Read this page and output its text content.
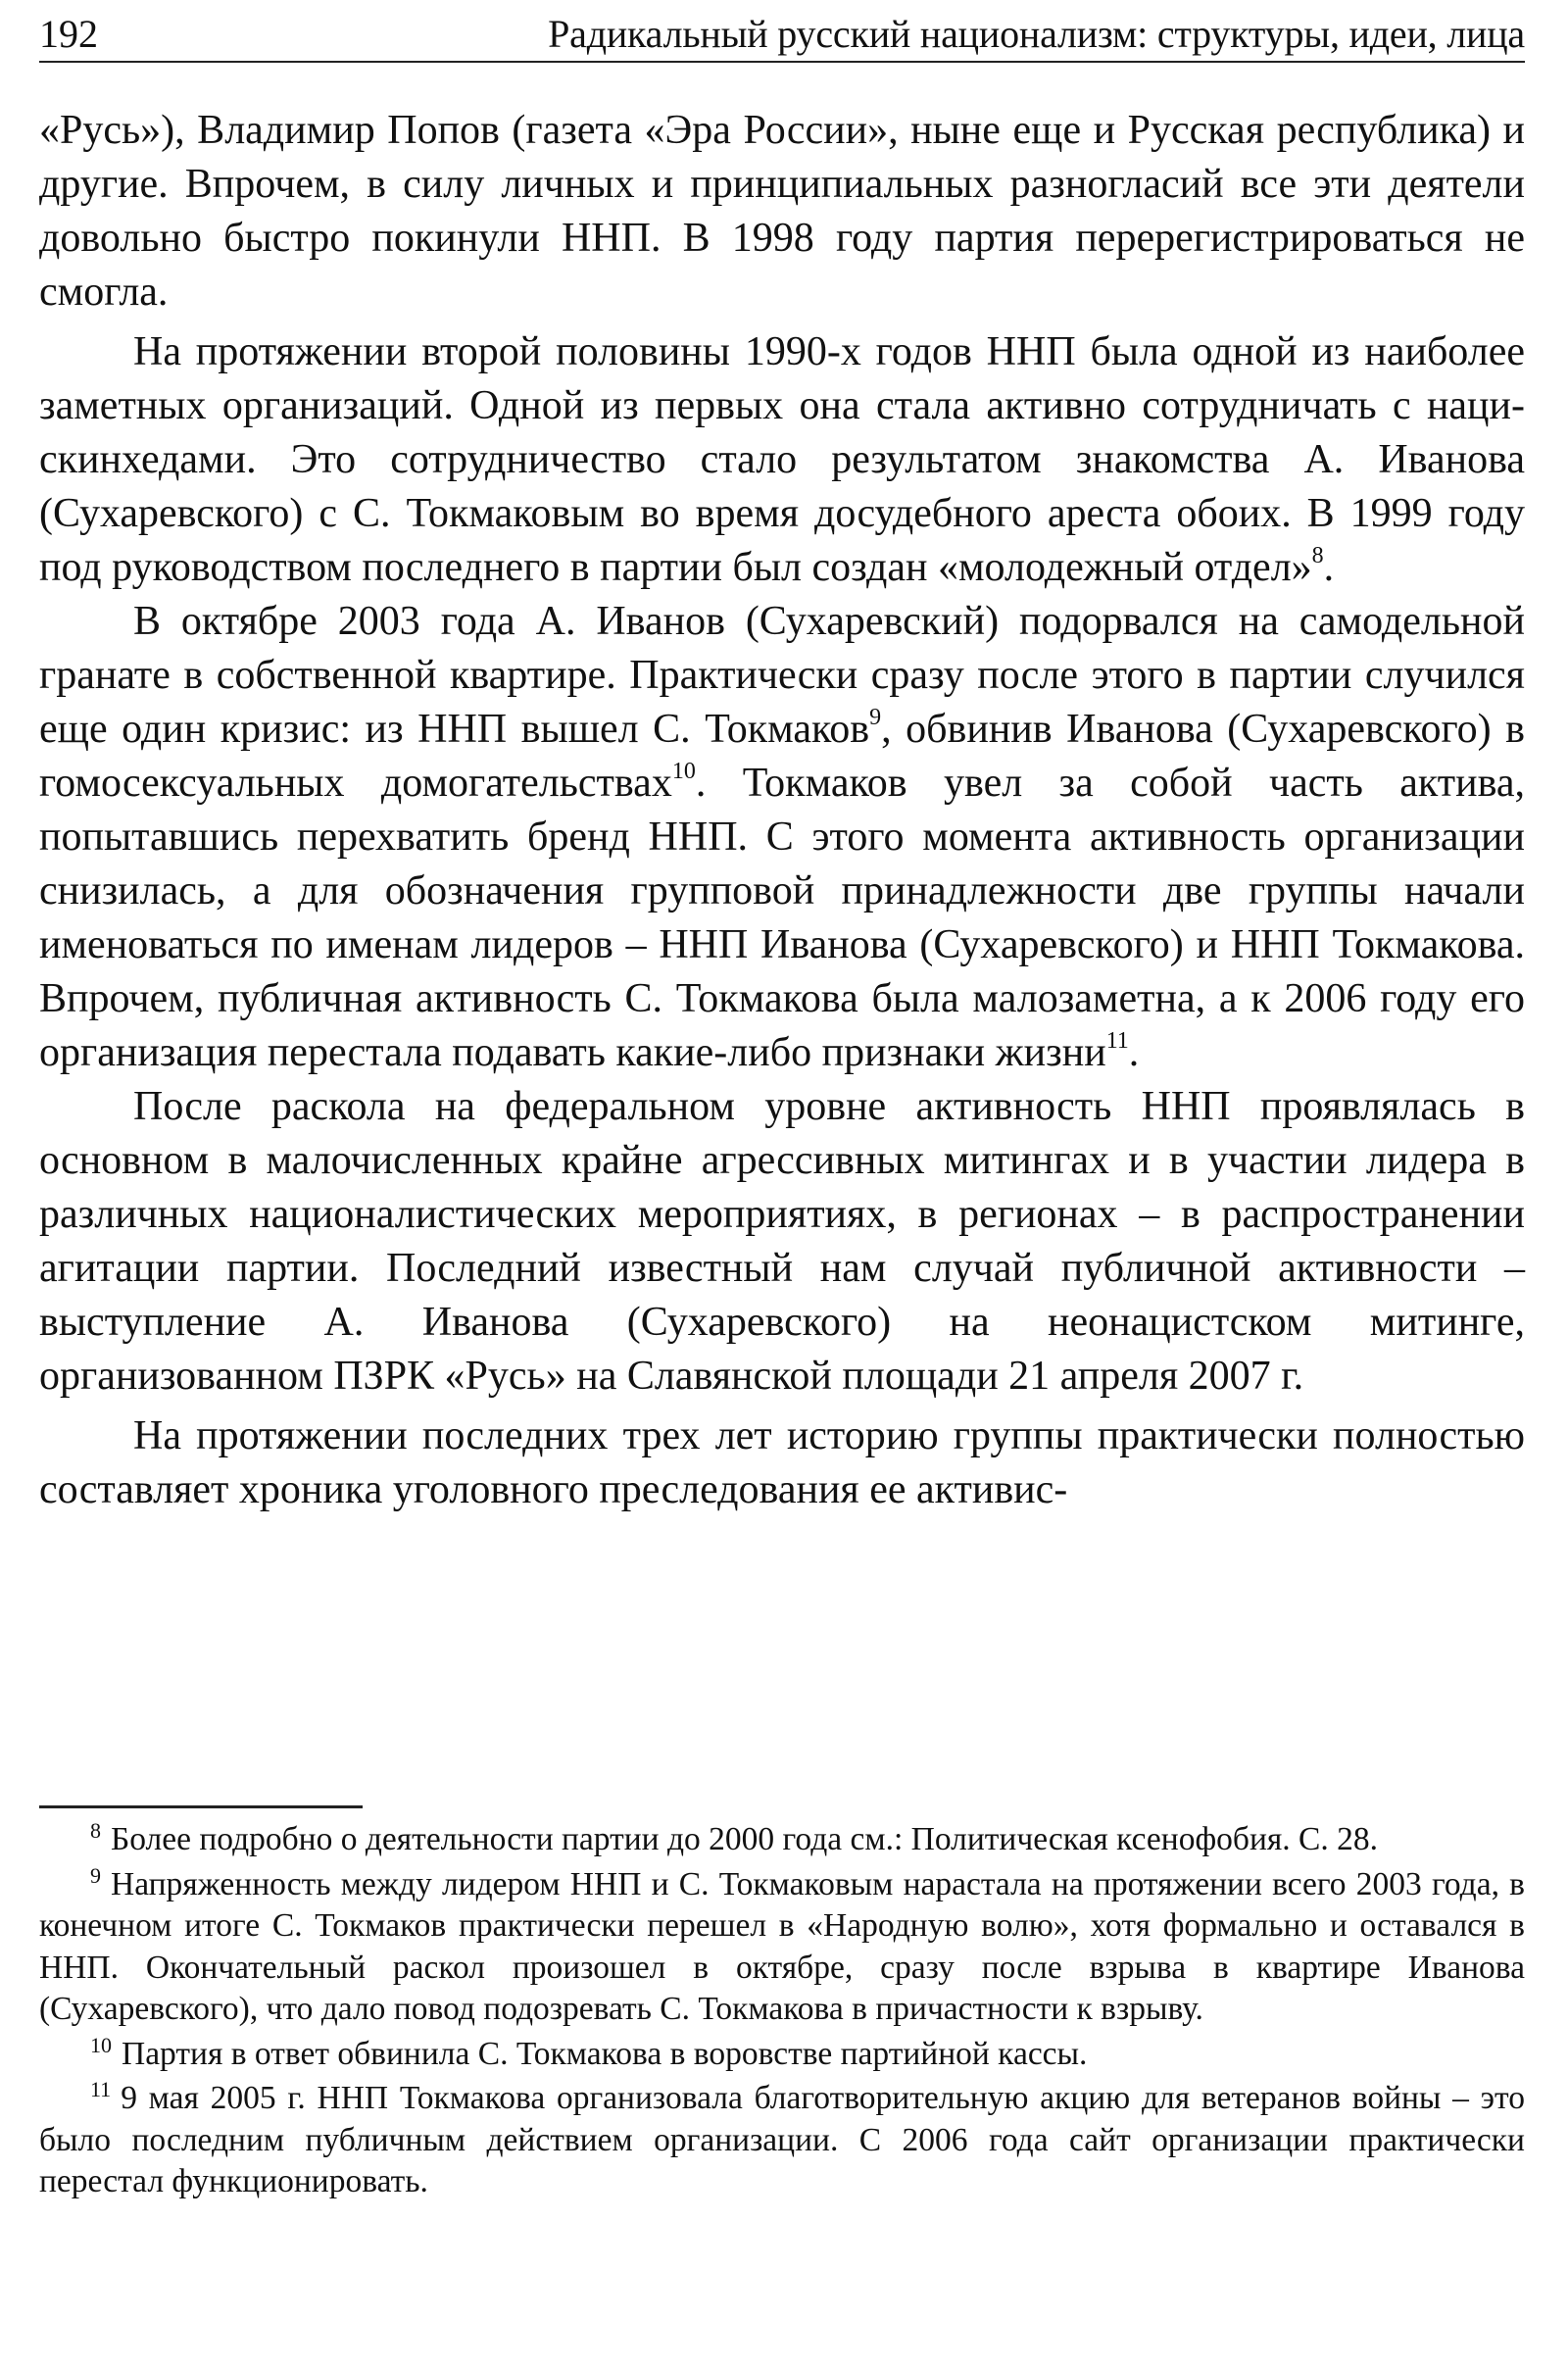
192	Радикальный русский национализм: структуры, идеи, лица

«Русь»), Владимир Попов (газета «Эра России», ныне еще и Русская республика) и другие. Впрочем, в силу личных и принципиальных разногласий все эти деятели довольно быстро покинули ННП. В 1998 году партия перерегистрироваться не смогла.

На протяжении второй половины 1990-х годов ННП была одной из наиболее заметных организаций. Одной из первых она стала активно сотрудничать с наци-скинхедами. Это сотрудничество стало результатом знакомства А. Иванова (Сухаревского) с С. Токмаковым во время досудебного ареста обоих. В 1999 году под руководством последнего в партии был создан «молодежный отдел»$^8$.

В октябре 2003 года А. Иванов (Сухаревский) подорвался на самодельной гранате в собственной квартире. Практически сразу после этого в партии случился еще один кризис: из ННП вышел С. Токмаков$^9$, обвинив Иванова (Сухаревского) в гомосексуальных домогательствах$^{10}$. Токмаков увел за собой часть актива, попытавшись перехватить бренд ННП. С этого момента активность организации снизилась, а для обозначения групповой принадлежности две группы начали именоваться по именам лидеров – ННП Иванова (Сухаревского) и ННП Токмакова. Впрочем, публичная активность С. Токмакова была малозаметна, а к 2006 году его организация перестала подавать какие-либо признаки жизни$^{11}$.

После раскола на федеральном уровне активность ННП проявлялась в основном в малочисленных крайне агрессивных митингах и в участии лидера в различных националистических мероприятиях, в регионах – в распространении агитации партии. Последний известный нам случай публичной активности – выступление А. Иванова (Сухаревского) на неонацистском митинге, организованном ПЗРК «Русь» на Славянской площади 21 апреля 2007 г.

На протяжении последних трех лет историю группы практически полностью составляет хроника уголовного преследования ее активис-

$^8$ Более подробно о деятельности партии до 2000 года см.: Политическая ксенофобия. С. 28.

$^9$ Напряженность между лидером ННП и С. Токмаковым нарастала на протяжении всего 2003 года, в конечном итоге С. Токмаков практически перешел в «Народную волю», хотя формально и оставался в ННП. Окончательный раскол произошел в октябре, сразу после взрыва в квартире Иванова (Сухаревского), что дало повод подозревать С. Токмакова в причастности к взрыву.

$^{10}$ Партия в ответ обвинила С. Токмакова в воровстве партийной кассы.

$^{11}$ 9 мая 2005 г. ННП Токмакова организовала благотворительную акцию для ветеранов войны – это было последним публичным действием организации. С 2006 года сайт организации практически перестал функционировать.
